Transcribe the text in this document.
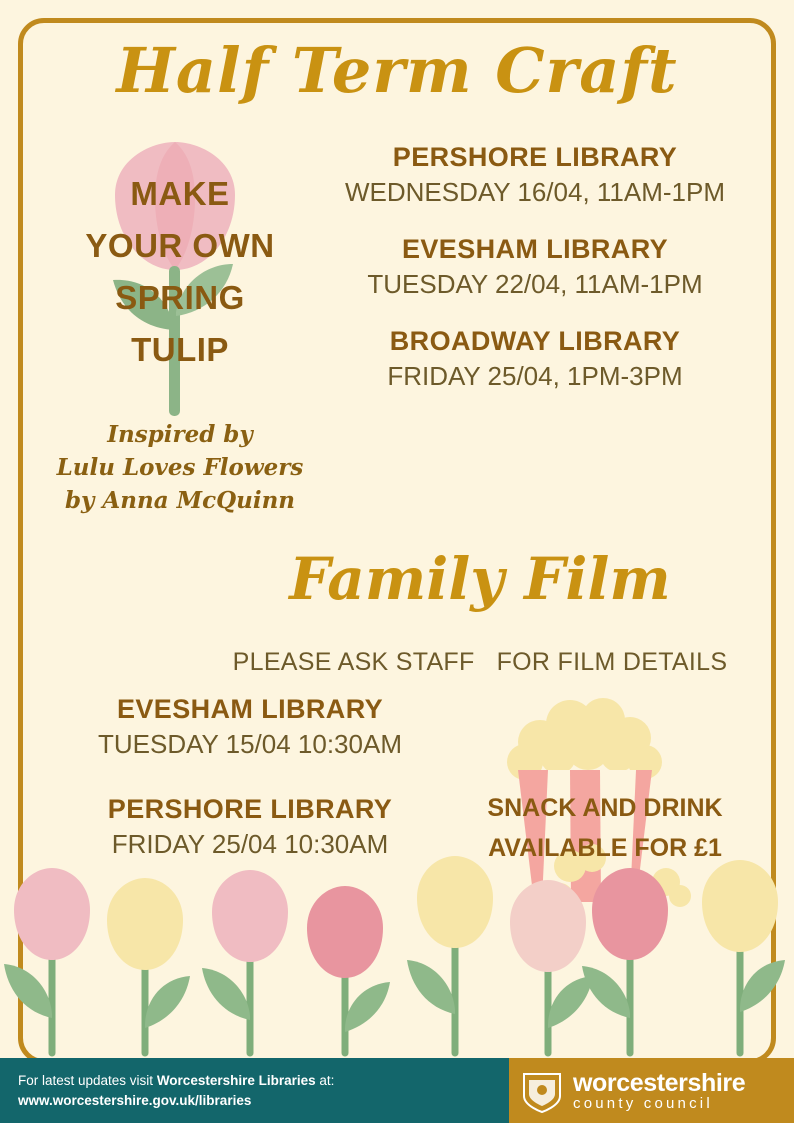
Half Term Craft
MAKE
YOUR OWN
SPRING
TULIP
Inspired by
Lulu Loves Flowers
by Anna McQuinn
PERSHORE LIBRARY
WEDNESDAY 16/04, 11AM-1PM
EVESHAM LIBRARY
TUESDAY 22/04, 11AM-1PM
BROADWAY LIBRARY
FRIDAY 25/04, 1PM-3PM
Family Film
PLEASE ASK STAFF FOR FILM DETAILS
EVESHAM LIBRARY
TUESDAY 15/04 10:30AM
PERSHORE LIBRARY
FRIDAY 25/04 10:30AM
SNACK AND DRINK
AVAILABLE FOR £1
For latest updates visit Worcestershire Libraries at:
www.worcestershire.gov.uk/libraries
worcestershire
county council
